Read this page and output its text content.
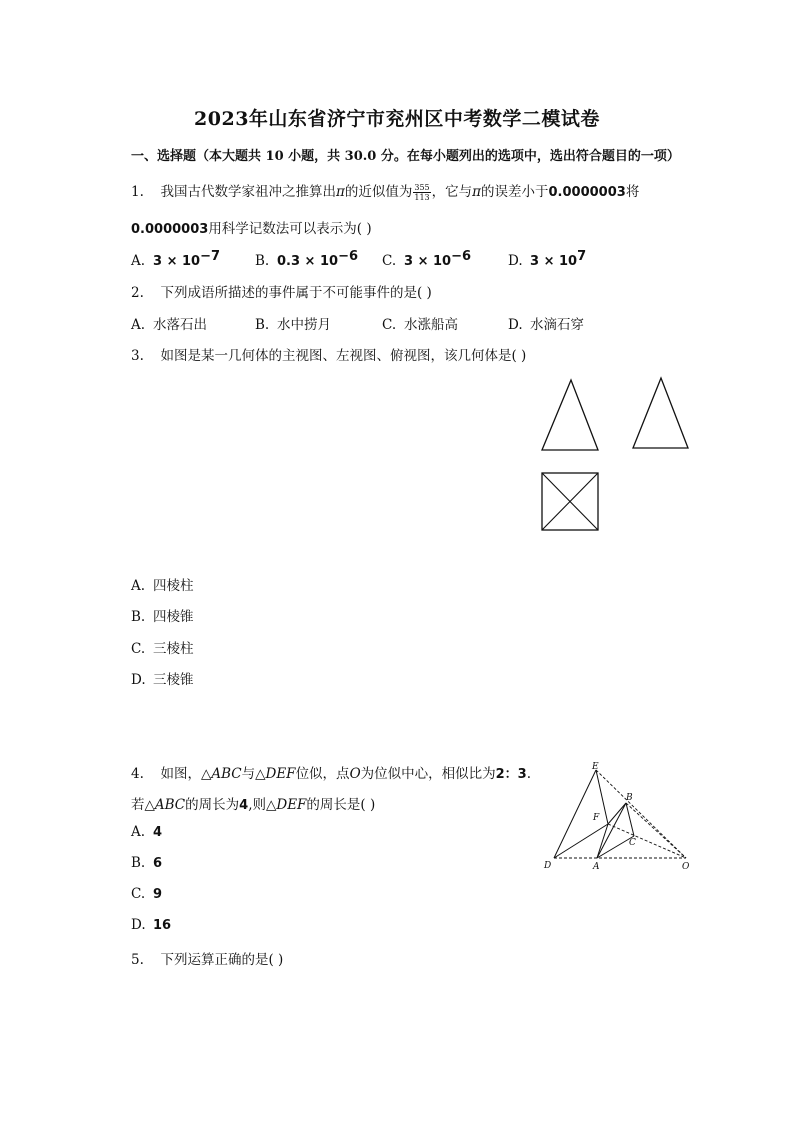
2023年山东省济宁市兖州区中考数学二模试卷
一、选择题（本大题共 10 小题，共 30.0 分。在每小题列出的选项中，选出符合题目的一项）
1. 我国古代数学家祖冲之推算出π的近似值为 $\frac{355}{113}$ ，它与π的误差小于0.0000003将
0.0000003用科学记数法可以表示为( )
A. $3 \times 10^{-7}$	B. $0.3 \times 10^{-6}$ C. $3 \times 10^{-6}$	D. $3 \times 10^7$
2. 下列成语所描述的事件属于不可能事件的是( )
A. 水落石出	B. 水中捞月	C. 水涨船高	D. 水滴石穿
3. 如图是某一几何体的主视图、左视图、俯视图，该几何体是( )
A. 四棱柱
B. 四棱锥
C. 三棱柱
D. 三棱锥
4. 如图，△ABC与△DEF位似，点O为位似中心，相似比为2：3.
若△ABC的周长为4,则△DEF的周长是( )
E
B
F
C
D	A	O
A. 4
B. 6
C. 9
D. 16
5. 下列运算正确的是( )
